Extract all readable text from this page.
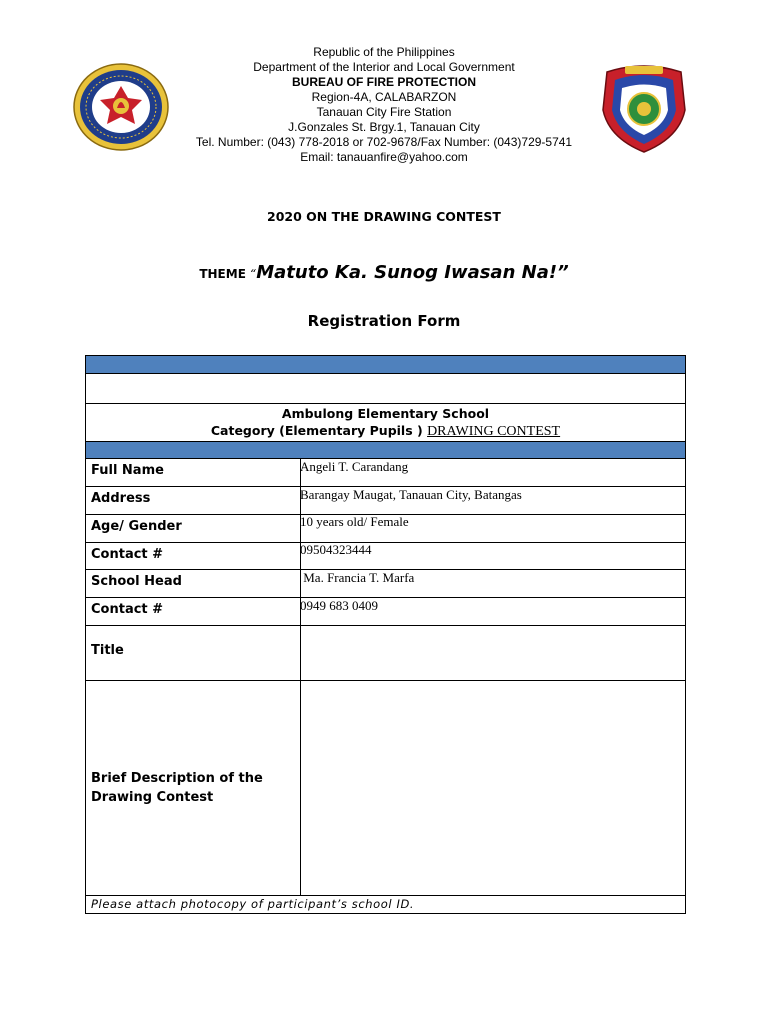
Republic of the Philippines
Department of the Interior and Local Government
BUREAU OF FIRE PROTECTION
Region-4A, CALABARZON
Tanauan City Fire Station
J.Gonzales St. Brgy.1, Tanauan City
Tel. Number: (043) 778-2018 or 702-9678/Fax Number: (043)729-5741
Email: tanauanfire@yahoo.com
2020 ON THE DRAWING CONTEST
THEME “Matuto Ka. Sunog Iwasan Na!”
Registration Form
Ambulong Elementary School
Category (Elementary Pupils ) DRAWING CONTEST
Full Name	Angeli T. Carandang
Address	Barangay Maugat, Tanauan City, Batangas
Age/ Gender	10 years old/ Female
Contact #	09504323444
School Head	Ma. Francia T. Marfa
Contact #	0949 683 0409
Title
Brief Description of the
Drawing Contest
Please attach photocopy of participant’s school ID.
